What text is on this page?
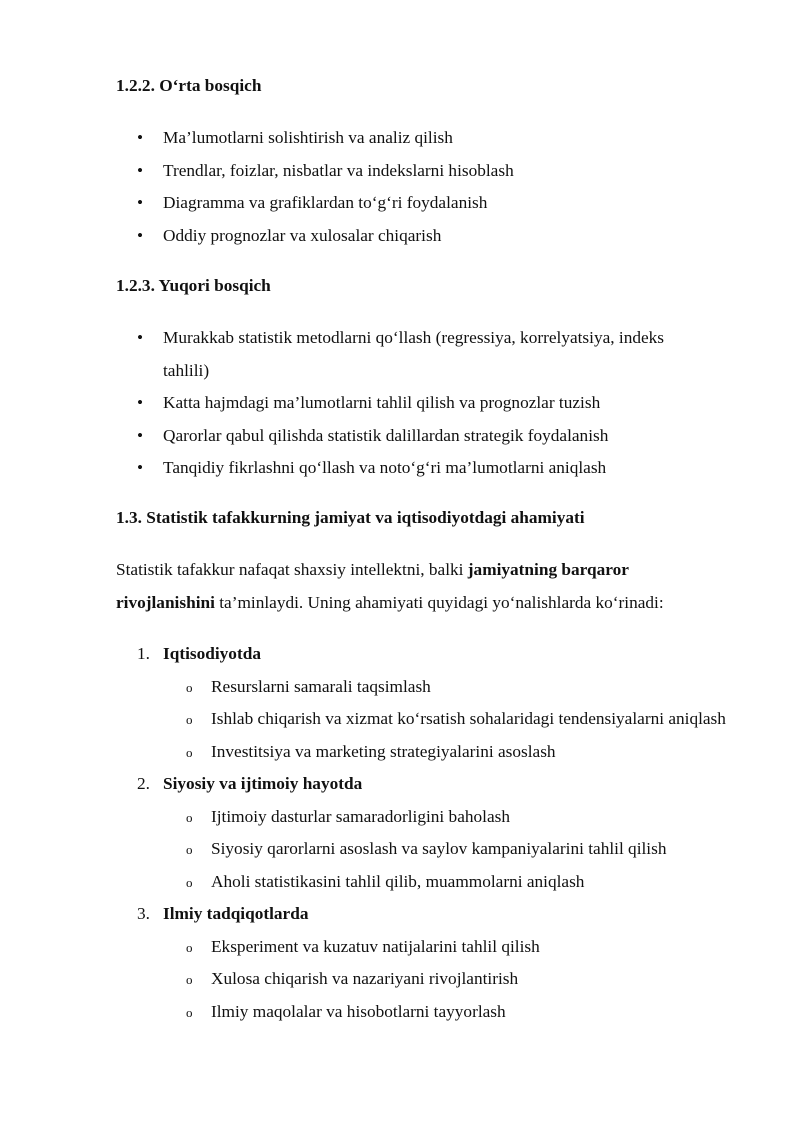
1.2.2. O‘rta bosqich
• Ma’lumotlarni solishtirish va analiz qilish
• Trendlar, foizlar, nisbatlar va indekslarni hisoblash
• Diagramma va grafiklardan to‘g‘ri foydalanish
• Oddiy prognozlar va xulosalar chiqarish
1.2.3. Yuqori bosqich
• Murakkab statistik metodlarni qo‘llash (regressiya, korrelyatsiya, indeks tahlili)
• Katta hajmdagi ma’lumotlarni tahlil qilish va prognozlar tuzish
• Qarorlar qabul qilishda statistik dalillardan strategik foydalanish
• Tanqidiy fikrlashni qo‘llash va noto‘g‘ri ma’lumotlarni aniqlash
1.3. Statistik tafakkurning jamiyat va iqtisodiyotdagi ahamiyati
Statistik tafakkur nafaqat shaxsiy intellektni, balki jamiyatning barqaror rivojlanishini ta’minlaydi. Uning ahamiyati quyidagi yo‘nalishlarda ko‘rinadi:
1. Iqtisodiyotda
o Resurslarni samarali taqsimlash
o Ishlab chiqarish va xizmat ko‘rsatish sohalaridagi tendensiyalarni aniqlash
o Investitsiya va marketing strategiyalarini asoslash
2. Siyosiy va ijtimoiy hayotda
o Ijtimoiy dasturlar samaradorligini baholash
o Siyosiy qarorlarni asoslash va saylov kampaniyalarini tahlil qilish
o Aholi statistikasini tahlil qilib, muammolarni aniqlash
3. Ilmiy tadqiqotlarda
o Eksperiment va kuzatuv natijalarini tahlil qilish
o Xulosa chiqarish va nazariyani rivojlantirish
o Ilmiy maqolalar va hisobotlarni tayyorlash
